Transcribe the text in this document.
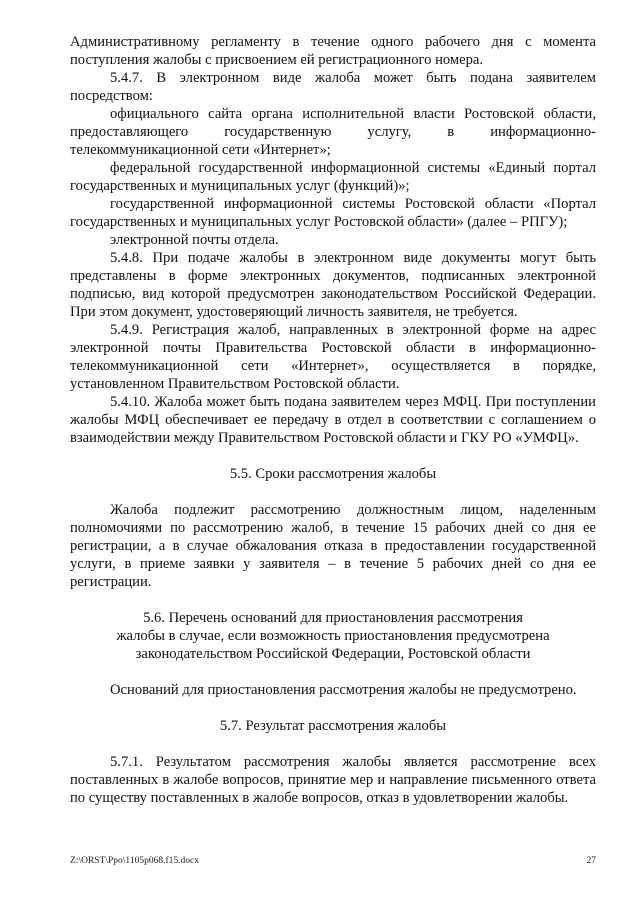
Административному регламенту в течение одного рабочего дня с момента поступления жалобы с присвоением ей регистрационного номера.

5.4.7. В электронном виде жалоба может быть подана заявителем посредством:

официального сайта органа исполнительной власти Ростовской области, предоставляющего государственную услугу, в информационно-телекоммуникационной сети «Интернет»;

федеральной государственной информационной системы «Единый портал государственных и муниципальных услуг (функций)»;

государственной информационной системы Ростовской области «Портал государственных и муниципальных услуг Ростовской области» (далее – РПГУ);

электронной почты отдела.

5.4.8. При подаче жалобы в электронном виде документы могут быть представлены в форме электронных документов, подписанных электронной подписью, вид которой предусмотрен законодательством Российской Федерации. При этом документ, удостоверяющий личность заявителя, не требуется.

5.4.9. Регистрация жалоб, направленных в электронной форме на адрес электронной почты Правительства Ростовской области в информационно-телекоммуникационной сети «Интернет», осуществляется в порядке, установленном Правительством Ростовской области.

5.4.10. Жалоба может быть подана заявителем через МФЦ. При поступлении жалобы МФЦ обеспечивает ее передачу в отдел в соответствии с соглашением о взаимодействии между Правительством Ростовской области и ГКУ РО «УМФЦ».

5.5. Сроки рассмотрения жалобы

Жалоба подлежит рассмотрению должностным лицом, наделенным полномочиями по рассмотрению жалоб, в течение 15 рабочих дней со дня ее регистрации, а в случае обжалования отказа в предоставлении государственной услуги, в приеме заявки у заявителя – в течение 5 рабочих дней со дня ее регистрации.

5.6. Перечень оснований для приостановления рассмотрения

жалобы в случае, если возможность приостановления предусмотрена

законодательством Российской Федерации, Ростовской области

Оснований для приостановления рассмотрения жалобы не предусмотрено.

5.7. Результат рассмотрения жалобы

5.7.1. Результатом рассмотрения жалобы является рассмотрение всех поставленных в жалобе вопросов, принятие мер и направление письменного ответа по существу поставленных в жалобе вопросов, отказ в удовлетворении жалобы.

Z:\ORST\Ppo\1105p068.f15.docx	27
